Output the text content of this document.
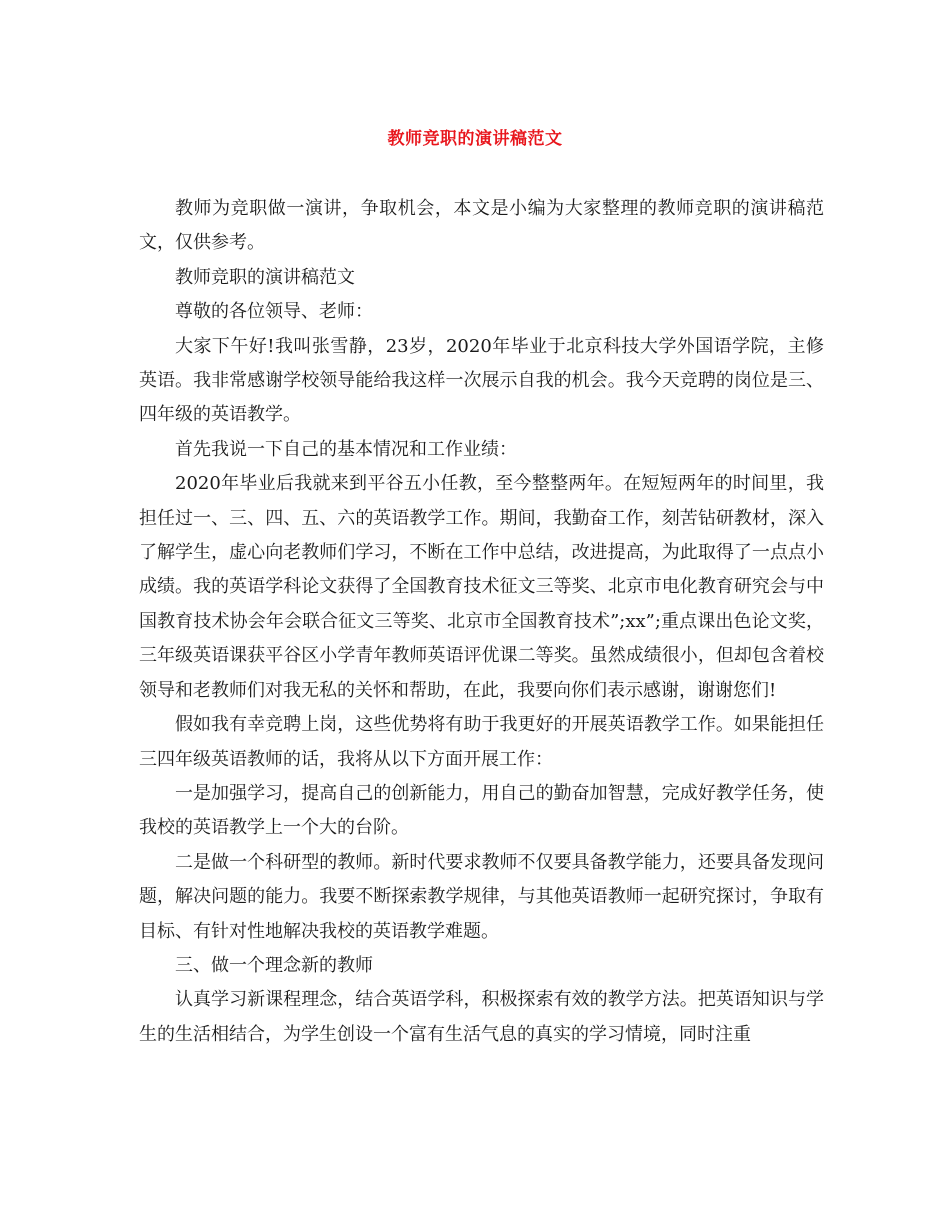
教师竞职的演讲稿范文

教师为竞职做一演讲，争取机会，本文是小编为大家整理的教师竞职的演讲稿范文，仅供参考。

教师竞职的演讲稿范文

尊敬的各位领导、老师：

大家下午好!我叫张雪静，23岁，2020年毕业于北京科技大学外国语学院，主修英语。我非常感谢学校领导能给我这样一次展示自我的机会。我今天竞聘的岗位是三、四年级的英语教学。

首先我说一下自己的基本情况和工作业绩：

2020年毕业后我就来到平谷五小任教，至今整整两年。在短短两年的时间里，我担任过一、三、四、五、六的英语教学工作。期间，我勤奋工作，刻苦钻研教材，深入了解学生，虚心向老教师们学习，不断在工作中总结，改进提高，为此取得了一点点小成绩。我的英语学科论文获得了全国教育技术征文三等奖、北京市电化教育研究会与中国教育技术协会年会联合征文三等奖、北京市全国教育技术”;xx”;重点课出色论文奖，三年级英语课获平谷区小学青年教师英语评优课二等奖。虽然成绩很小，但却包含着校领导和老教师们对我无私的关怀和帮助，在此，我要向你们表示感谢，谢谢您们!

假如我有幸竞聘上岗，这些优势将有助于我更好的开展英语教学工作。如果能担任三四年级英语教师的话，我将从以下方面开展工作：

一是加强学习，提高自己的创新能力，用自己的勤奋加智慧，完成好教学任务，使我校的英语教学上一个大的台阶。

二是做一个科研型的教师。新时代要求教师不仅要具备教学能力，还要具备发现问题，解决问题的能力。我要不断探索教学规律，与其他英语教师一起研究探讨，争取有目标、有针对性地解决我校的英语教学难题。

三、做一个理念新的教师

认真学习新课程理念，结合英语学科，积极探索有效的教学方法。把英语知识与学生的生活相结合，为学生创设一个富有生活气息的真实的学习情境，同时注重
